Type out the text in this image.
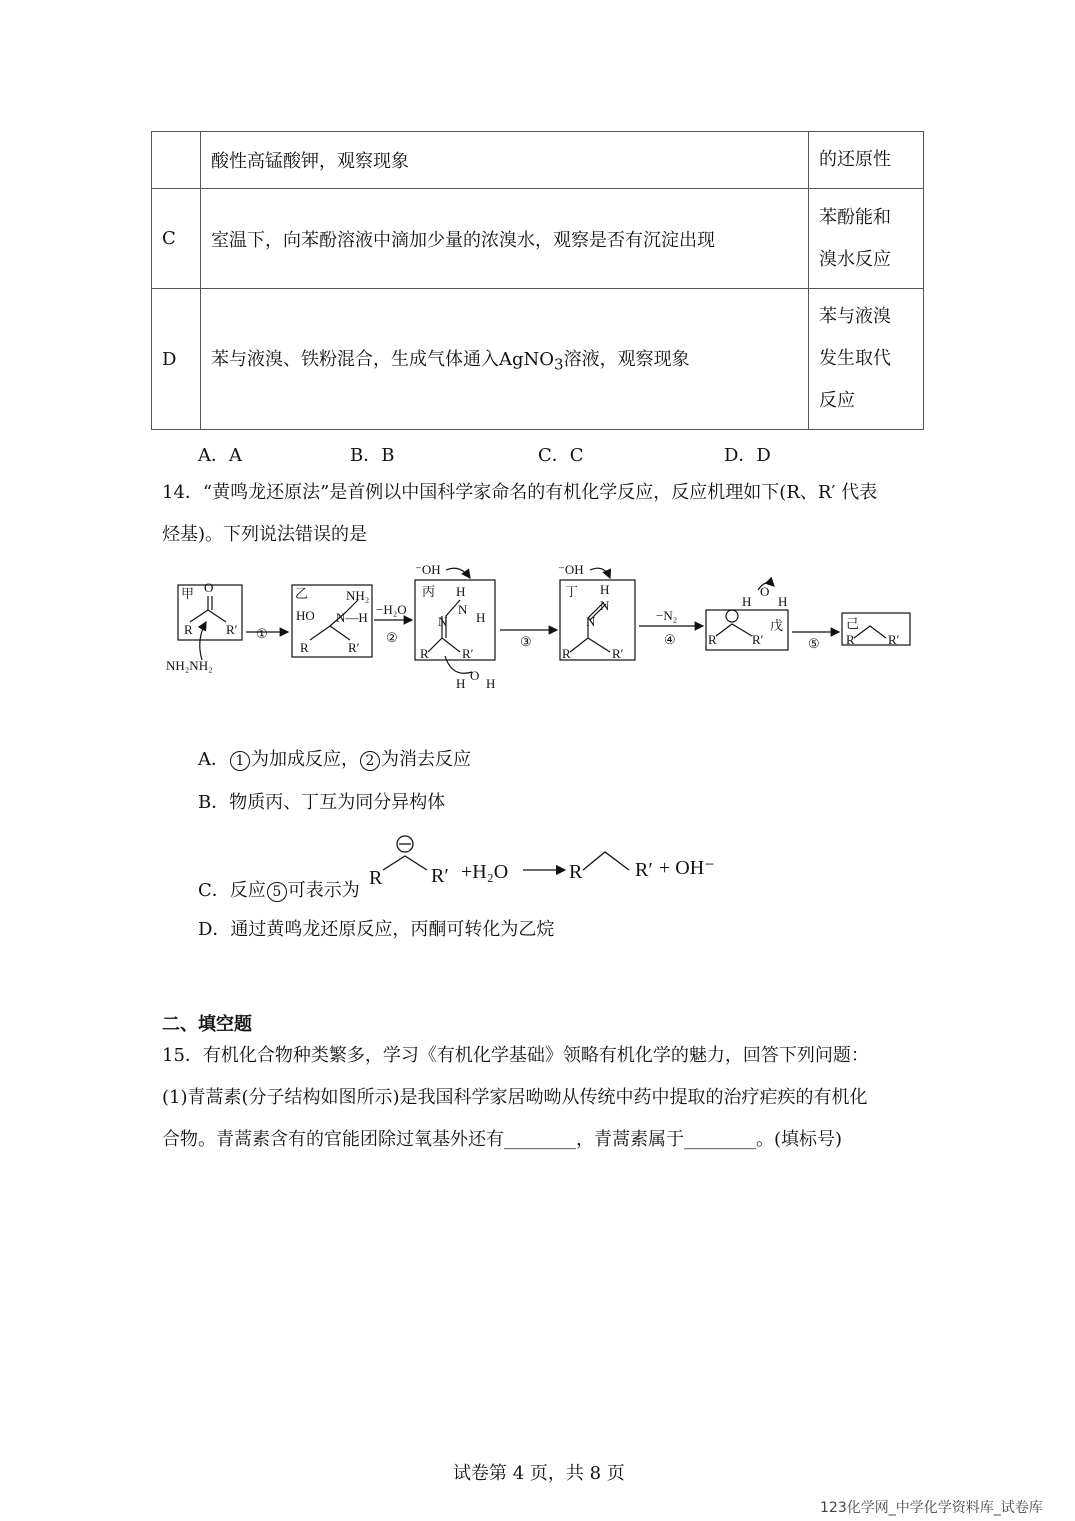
	酸性高锰酸钾，观察现象	的还原性
C	室温下，向苯酚溶液中滴加少量的浓溴水，观察是否有沉淀出现	苯酚能和
溴水反应

D	苯与液溴、铁粉混合，生成气体通入AgNO$_3$溶液，观察现象	苯与液溴
发生取代
反应
A．A	B．B	C．C	D．D
14．“黄鸣龙还原法”是首例以中国科学家命名的有机化学反应，反应机理如下(R、R′ 代表
烃基)。下列说法错误的是
甲	乙	丙	丁
戊	己
①	②	③	④	⑤
−H₂O	−N₂
NH₂NH₂
⁻OH	⁻OH
R	R′
O
HO
NH₂
N—H
R	R′
H
N
H
N
R	R′
H
O
H
H
N
N
R	R′
H
O
H
R	R′	R	R′
A． 1 为加成反应， 2 为消去反应
B．物质丙、丁互为同分异构体
C．反应 5 可表示为
R R′ +H₂O	R	R′ + OH⁻
D．通过黄鸣龙还原反应，丙酮可转化为乙烷
二、填空题
15．有机化合物种类繁多，学习《有机化学基础》领略有机化学的魅力，回答下列问题：
(1)青蒿素(分子结构如图所示)是我国科学家居呦呦从传统中药中提取的治疗疟疾的有机化
合物。青蒿素含有的官能团除过氧基外还有________，青蒿素属于________。(填标号)
试卷第 4 页，共 8 页
123化学网_中学化学资料库_试卷库
